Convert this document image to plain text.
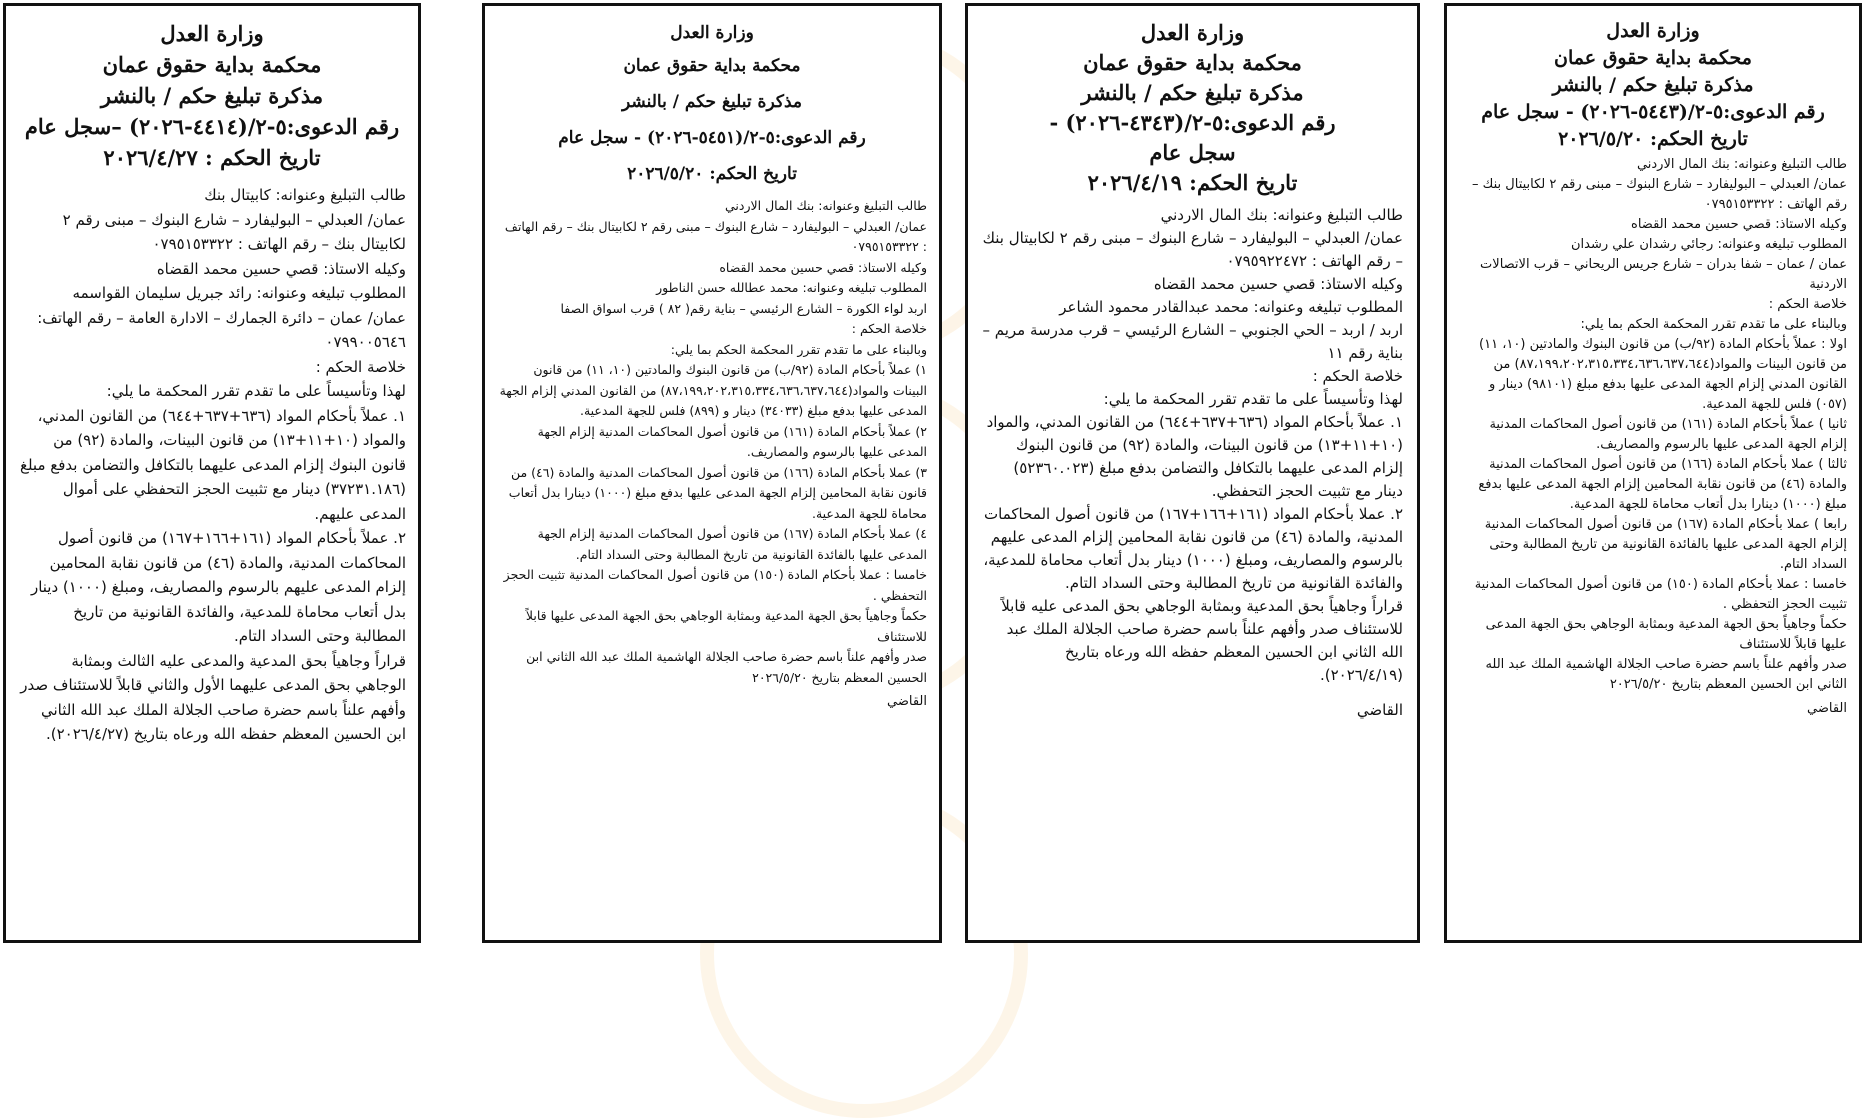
وزارة العدل
محكمة بداية حقوق عمان
مذكرة تبليغ حكم / بالنشر
رقم الدعوى:٥-٢/(٥٤٤٣-٢٠٢٦) - سجل عام
تاريخ الحكم: ٢٠٢٦/٥/٢٠

طالب التبليغ وعنوانه: بنك المال الاردني

عمان/ العبدلي – البوليفارد – شارع البنوك – مبنى رقم ٢ لكابيتال بنك – رقم الهاتف : ٠٧٩٥١٥٣٣٢٢

وكيله الاستاذ: قصي حسين محمد القضاه

المطلوب تبليغه وعنوانه: رجائي رشدان علي رشدان

عمان / عمان – شفا بدران – شارع جريس الريحاني – قرب الاتصالات الاردنية

خلاصة الحكم :

وبالبناء على ما تقدم تقرر المحكمة الحكم بما يلي:

اولا : عملاً بأحكام المادة (٩٢/ب) من قانون البنوك والمادتين (١٠، ١١) من قانون البينات والمواد(٨٧،١٩٩،٢٠٢،٣١٥،٣٣٤،٦٣٦،٦٣٧،٦٤٤) من القانون المدني إلزام الجهة المدعى عليها بدفع مبلغ (٩٨١٠١) دينار و (٠٥٧) فلس للجهة المدعية.

ثانيا ) عملاً بأحكام المادة (١٦١) من قانون أصول المحاكمات المدنية إلزام الجهة المدعى عليها بالرسوم والمصاريف.

ثالثا ) عملا بأحكام المادة (١٦٦) من قانون أصول المحاكمات المدنية والمادة (٤٦) من قانون نقابة المحامين إلزام الجهة المدعى عليها بدفع مبلغ (١٠٠٠) دينارا بدل أتعاب محاماة للجهة المدعية.

رابعا ) عملا بأحكام المادة (١٦٧) من قانون أصول المحاكمات المدنية إلزام الجهة المدعى عليها بالفائدة القانونية من تاريخ المطالبة وحتى السداد التام.

خامسا : عملا بأحكام المادة (١٥٠) من قانون أصول المحاكمات المدنية تثبيت الحجز التحفظي .

حكماً وجاهياً بحق الجهة المدعية وبمثابة الوجاهي بحق الجهة المدعى عليها قابلاً للاستئناف

صدر وأفهم علناً باسم حضرة صاحب الجلالة الهاشمية الملك عبد الله الثاني ابن الحسين المعظم بتاريخ ٢٠٢٦/٥/٢٠

القاضي
وزارة العدل
محكمة بداية حقوق عمان
مذكرة تبليغ حكم / بالنشر
رقم الدعوى:٥-٢/(٤٣٤٣-٢٠٢٦) -
سجل عام
تاريخ الحكم: ٢٠٢٦/٤/١٩

طالب التبليغ وعنوانه: بنك المال الاردني

عمان/ العبدلي – البوليفارد – شارع البنوك – مبنى رقم ٢ لكابيتال بنك – رقم الهاتف : ٠٧٩٥٩٢٢٤٧٢

وكيله الاستاذ: قصي حسين محمد القضاه

المطلوب تبليغه وعنوانه: محمد عبدالقادر محمود الشاعر

اربد / اربد – الحي الجنوبي – الشارع الرئيسي – قرب مدرسة مريم – بناية رقم ١١

خلاصة الحكم :

لهذا وتأسيساً على ما تقدم تقرر المحكمة ما يلي:

١. عملاً بأحكام المواد (٦٣٦+٦٣٧+٦٤٤) من القانون المدني، والمواد (١٠+١١+١٣) من قانون البينات، والمادة (٩٢) من قانون البنوك إلزام المدعى عليهما بالتكافل والتضامن بدفع مبلغ (٥٢٣٦٠.٠٢٣) دينار مع تثبيت الحجز التحفظي.

٢. عملا بأحكام المواد (١٦١+١٦٦+١٦٧) من قانون أصول المحاكمات المدنية، والمادة (٤٦) من قانون نقابة المحامين إلزام المدعى عليهم بالرسوم والمصاريف، ومبلغ (١٠٠٠) دينار بدل أتعاب محاماة للمدعية، والفائدة القانونية من تاريخ المطالبة وحتى السداد التام.

قراراً وجاهياً بحق المدعية وبمثابة الوجاهي بحق المدعى عليه قابلاً للاستئناف صدر وأفهم علناً باسم حضرة صاحب الجلالة الملك عبد الله الثاني ابن الحسين المعظم حفظه الله ورعاه بتاريخ (٢٠٢٦/٤/١٩).

القاضي
وزارة العدل
محكمة بداية حقوق عمان
مذكرة تبليغ حكم / بالنشر
رقم الدعوى:٥-٢/(٥٤٥١-٢٠٢٦) - سجل عام
تاريخ الحكم: ٢٠٢٦/٥/٢٠

طالب التبليغ وعنوانه: بنك المال الاردني

عمان/ العبدلي – البوليفارد – شارع البنوك – مبنى رقم ٢ لكابيتال بنك – رقم الهاتف : ٠٧٩٥١٥٣٣٢٢

وكيله الاستاذ: قصي حسين محمد القضاه

المطلوب تبليغه وعنوانه: محمد عطالله حسن الناطور

اربد لواء الكورة – الشارع الرئيسي – بناية رقم( ٨٢ ) قرب اسواق الصفا

خلاصة الحكم :

وبالبناء على ما تقدم تقرر المحكمة الحكم بما يلي:

١) عملاً بأحكام المادة (٩٢/ب) من قانون البنوك والمادتين (١٠، ١١) من قانون البينات والمواد(٨٧،١٩٩،٢٠٢،٣١٥،٣٣٤،٦٣٦،٦٣٧،٦٤٤) من القانون المدني إلزام الجهة المدعى عليها بدفع مبلغ (٣٤٠٣٣) دينار و (٨٩٩) فلس للجهة المدعية.

٢) عملاً بأحكام المادة (١٦١) من قانون أصول المحاكمات المدنية إلزام الجهة المدعى عليها بالرسوم والمصاريف.

٣) عملا بأحكام المادة (١٦٦) من قانون أصول المحاكمات المدنية والمادة (٤٦) من قانون نقابة المحامين إلزام الجهة المدعى عليها بدفع مبلغ (١٠٠٠) دينارا بدل أتعاب محاماة للجهة المدعية.

٤) عملا بأحكام المادة (١٦٧) من قانون أصول المحاكمات المدنية إلزام الجهة المدعى عليها بالفائدة القانونية من تاريخ المطالبة وحتى السداد التام.

خامسا : عملا بأحكام المادة (١٥٠) من قانون أصول المحاكمات المدنية تثبيت الحجز التحفظي .

حكماً وجاهياً بحق الجهة المدعية وبمثابة الوجاهي بحق الجهة المدعى عليها قابلاً للاستئناف

صدر وأفهم علناً باسم حضرة صاحب الجلالة الهاشمية الملك عبد الله الثاني ابن الحسين المعظم بتاريخ ٢٠٢٦/٥/٢٠

القاضي
وزارة العدل
محكمة بداية حقوق عمان
مذكرة تبليغ حكم / بالنشر
رقم الدعوى:٥-٢/(٤٤١٤-٢٠٢٦) –سجل عام
تاريخ الحكم : ٢٠٢٦/٤/٢٧

طالب التبليغ وعنوانه: كابيتال بنك

عمان/ العبدلي – البوليفارد – شارع البنوك – مبنى رقم ٢ لكابيتال بنك – رقم الهاتف : ٠٧٩٥١٥٣٣٢٢

وكيله الاستاذ: قصي حسين محمد القضاه

المطلوب تبليغه وعنوانه: رائد جبريل سليمان القواسمه

عمان/ عمان – دائرة الجمارك – الادارة العامة – رقم الهاتف: ٠٧٩٩٠٠٥٦٤٦

خلاصة الحكم :

لهذا وتأسيساً على ما تقدم تقرر المحكمة ما يلي:

١. عملاً بأحكام المواد (٦٣٦+٦٣٧+٦٤٤) من القانون المدني، والمواد (١٠+١١+١٣) من قانون البينات، والمادة (٩٢) من قانون البنوك إلزام المدعى عليهما بالتكافل والتضامن بدفع مبلغ (٣٧٢٣١.١٨٦) دينار مع تثبيت الحجز التحفظي على أموال المدعى عليهم.

٢. عملاً بأحكام المواد (١٦١+١٦٦+١٦٧) من قانون أصول المحاكمات المدنية، والمادة (٤٦) من قانون نقابة المحامين إلزام المدعى عليهم بالرسوم والمصاريف، ومبلغ (١٠٠٠) دينار بدل أتعاب محاماة للمدعية، والفائدة القانونية من تاريخ المطالبة وحتى السداد التام.

قراراً وجاهياً بحق المدعية والمدعى عليه الثالث وبمثابة الوجاهي بحق المدعى عليهما الأول والثاني قابلاً للاستئناف صدر وأفهم علناً باسم حضرة صاحب الجلالة الملك عبد الله الثاني ابن الحسين المعظم حفظه الله ورعاه بتاريخ (٢٠٢٦/٤/٢٧).
